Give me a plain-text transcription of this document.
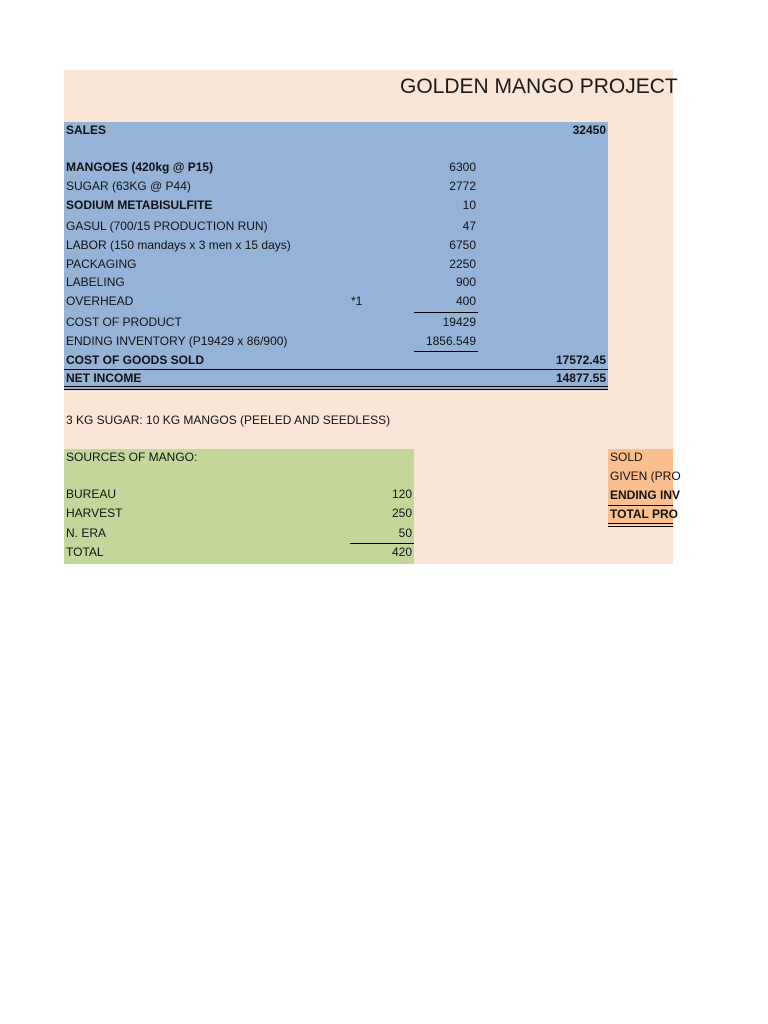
GOLDEN MANGO PROJECT
SALES	32450
MANGOES (420kg @ P15)	6300
SUGAR (63KG @ P44)	2772
SODIUM METABISULFITE	10
GASUL (700/15 PRODUCTION RUN)	47
LABOR (150 mandays x 3 men x 15 days)	6750
PACKAGING	2250
LABELING	900
OVERHEAD	*1	400
COST OF PRODUCT	19429
ENDING INVENTORY (P19429 x 86/900)	1856.549
COST OF GOODS SOLD	17572.45
NET INCOME	14877.55
3 KG SUGAR: 10 KG MANGOS (PEELED AND SEEDLESS)
SOURCES OF MANGO:
BUREAU	120
HARVEST	250
N. ERA	50
TOTAL	420
SOLD
GIVEN (PRO
ENDING INV
TOTAL PRO
